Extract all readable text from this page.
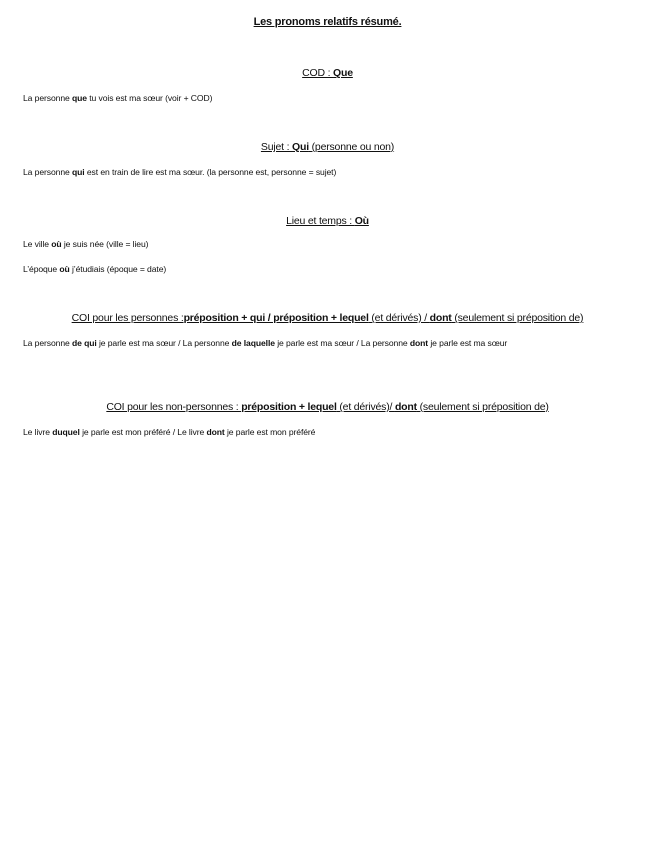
Les pronoms relatifs résumé.
COD : Que
La personne que tu vois est ma sœur (voir + COD)
Sujet : Qui (personne ou non)
La personne qui est en train de lire est ma sœur. (la personne est, personne = sujet)
Lieu et temps : Où
Le ville où je suis née (ville = lieu)
L’époque où j’étudiais (époque = date)
COI pour les personnes :préposition + qui / préposition + lequel (et dérivés) / dont (seulement si préposition de)
La personne de qui je parle est ma sœur / La personne de laquelle je parle est ma sœur / La personne dont je parle est ma sœur
COI pour les non-personnes : préposition + lequel (et dérivés)/ dont (seulement si préposition de)
Le livre duquel je parle est mon préféré / Le livre dont je parle est mon préféré
